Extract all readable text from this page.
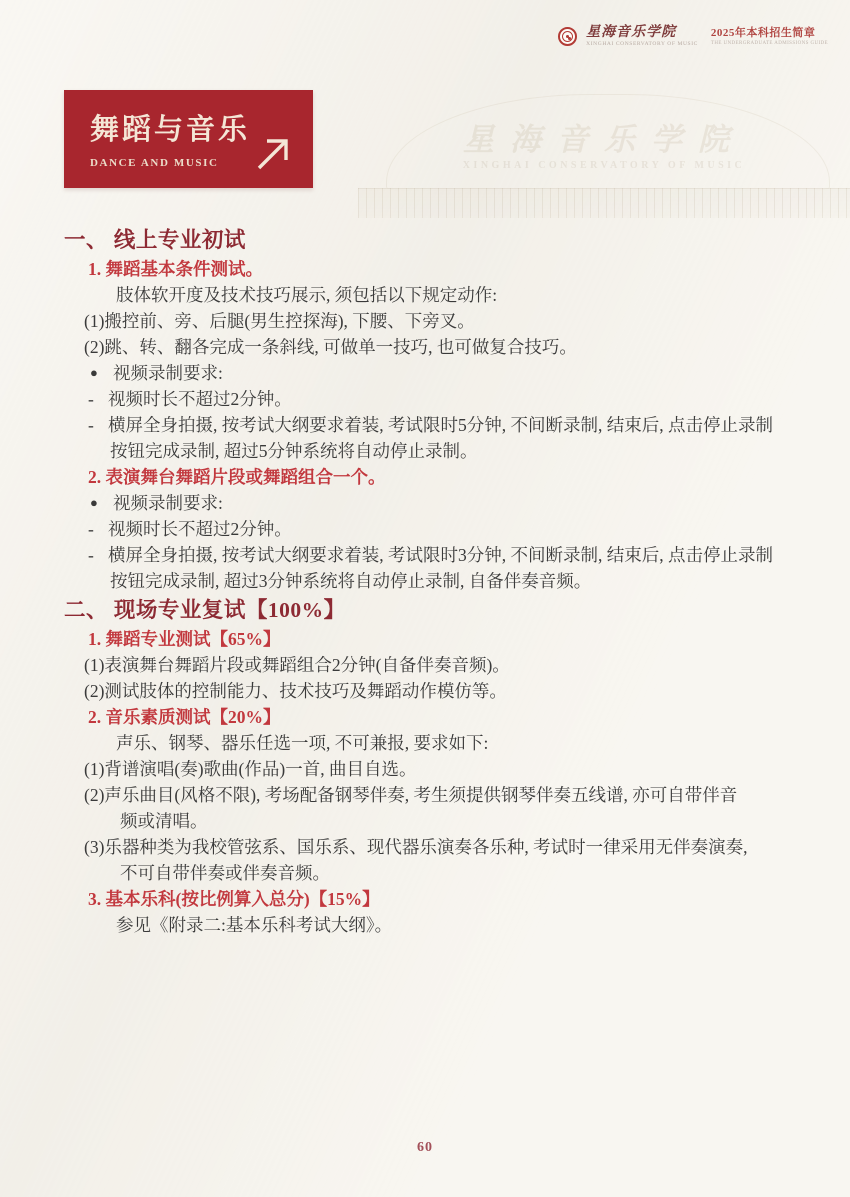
星海音乐学院
XINGHAI CONSERVATORY OF MUSIC
星海音乐学院
XINGHAI CONSERVATORY OF MUSIC
2025年本科招生简章
THE UNDERGRADUATE ADMISSIONS GUIDE
舞蹈与音乐
DANCE AND MUSIC
一、 线上专业初试
1. 舞蹈基本条件测试。
肢体软开度及技术技巧展示, 须包括以下规定动作:
(1)搬控前、旁、后腿(男生控探海), 下腰、下旁叉。
(2)跳、转、翻各完成一条斜线, 可做单一技巧, 也可做复合技巧。
● 视频录制要求:
- 视频时长不超过2分钟。
- 横屏全身拍摄, 按考试大纲要求着装, 考试限时5分钟, 不间断录制, 结束后, 点击停止录制
按钮完成录制, 超过5分钟系统将自动停止录制。
2. 表演舞台舞蹈片段或舞蹈组合一个。
● 视频录制要求:
- 视频时长不超过2分钟。
- 横屏全身拍摄, 按考试大纲要求着装, 考试限时3分钟, 不间断录制, 结束后, 点击停止录制
按钮完成录制, 超过3分钟系统将自动停止录制, 自备伴奏音频。
二、 现场专业复试【100%】
1. 舞蹈专业测试【65%】
(1)表演舞台舞蹈片段或舞蹈组合2分钟(自备伴奏音频)。
(2)测试肢体的控制能力、技术技巧及舞蹈动作模仿等。
2. 音乐素质测试【20%】
声乐、钢琴、器乐任选一项, 不可兼报, 要求如下:
(1)背谱演唱(奏)歌曲(作品)一首, 曲目自选。
(2)声乐曲目(风格不限), 考场配备钢琴伴奏, 考生须提供钢琴伴奏五线谱, 亦可自带伴音
频或清唱。
(3)乐器种类为我校管弦系、国乐系、现代器乐演奏各乐种, 考试时一律采用无伴奏演奏,
不可自带伴奏或伴奏音频。
3. 基本乐科(按比例算入总分)【15%】
参见《附录二:基本乐科考试大纲》。
60
